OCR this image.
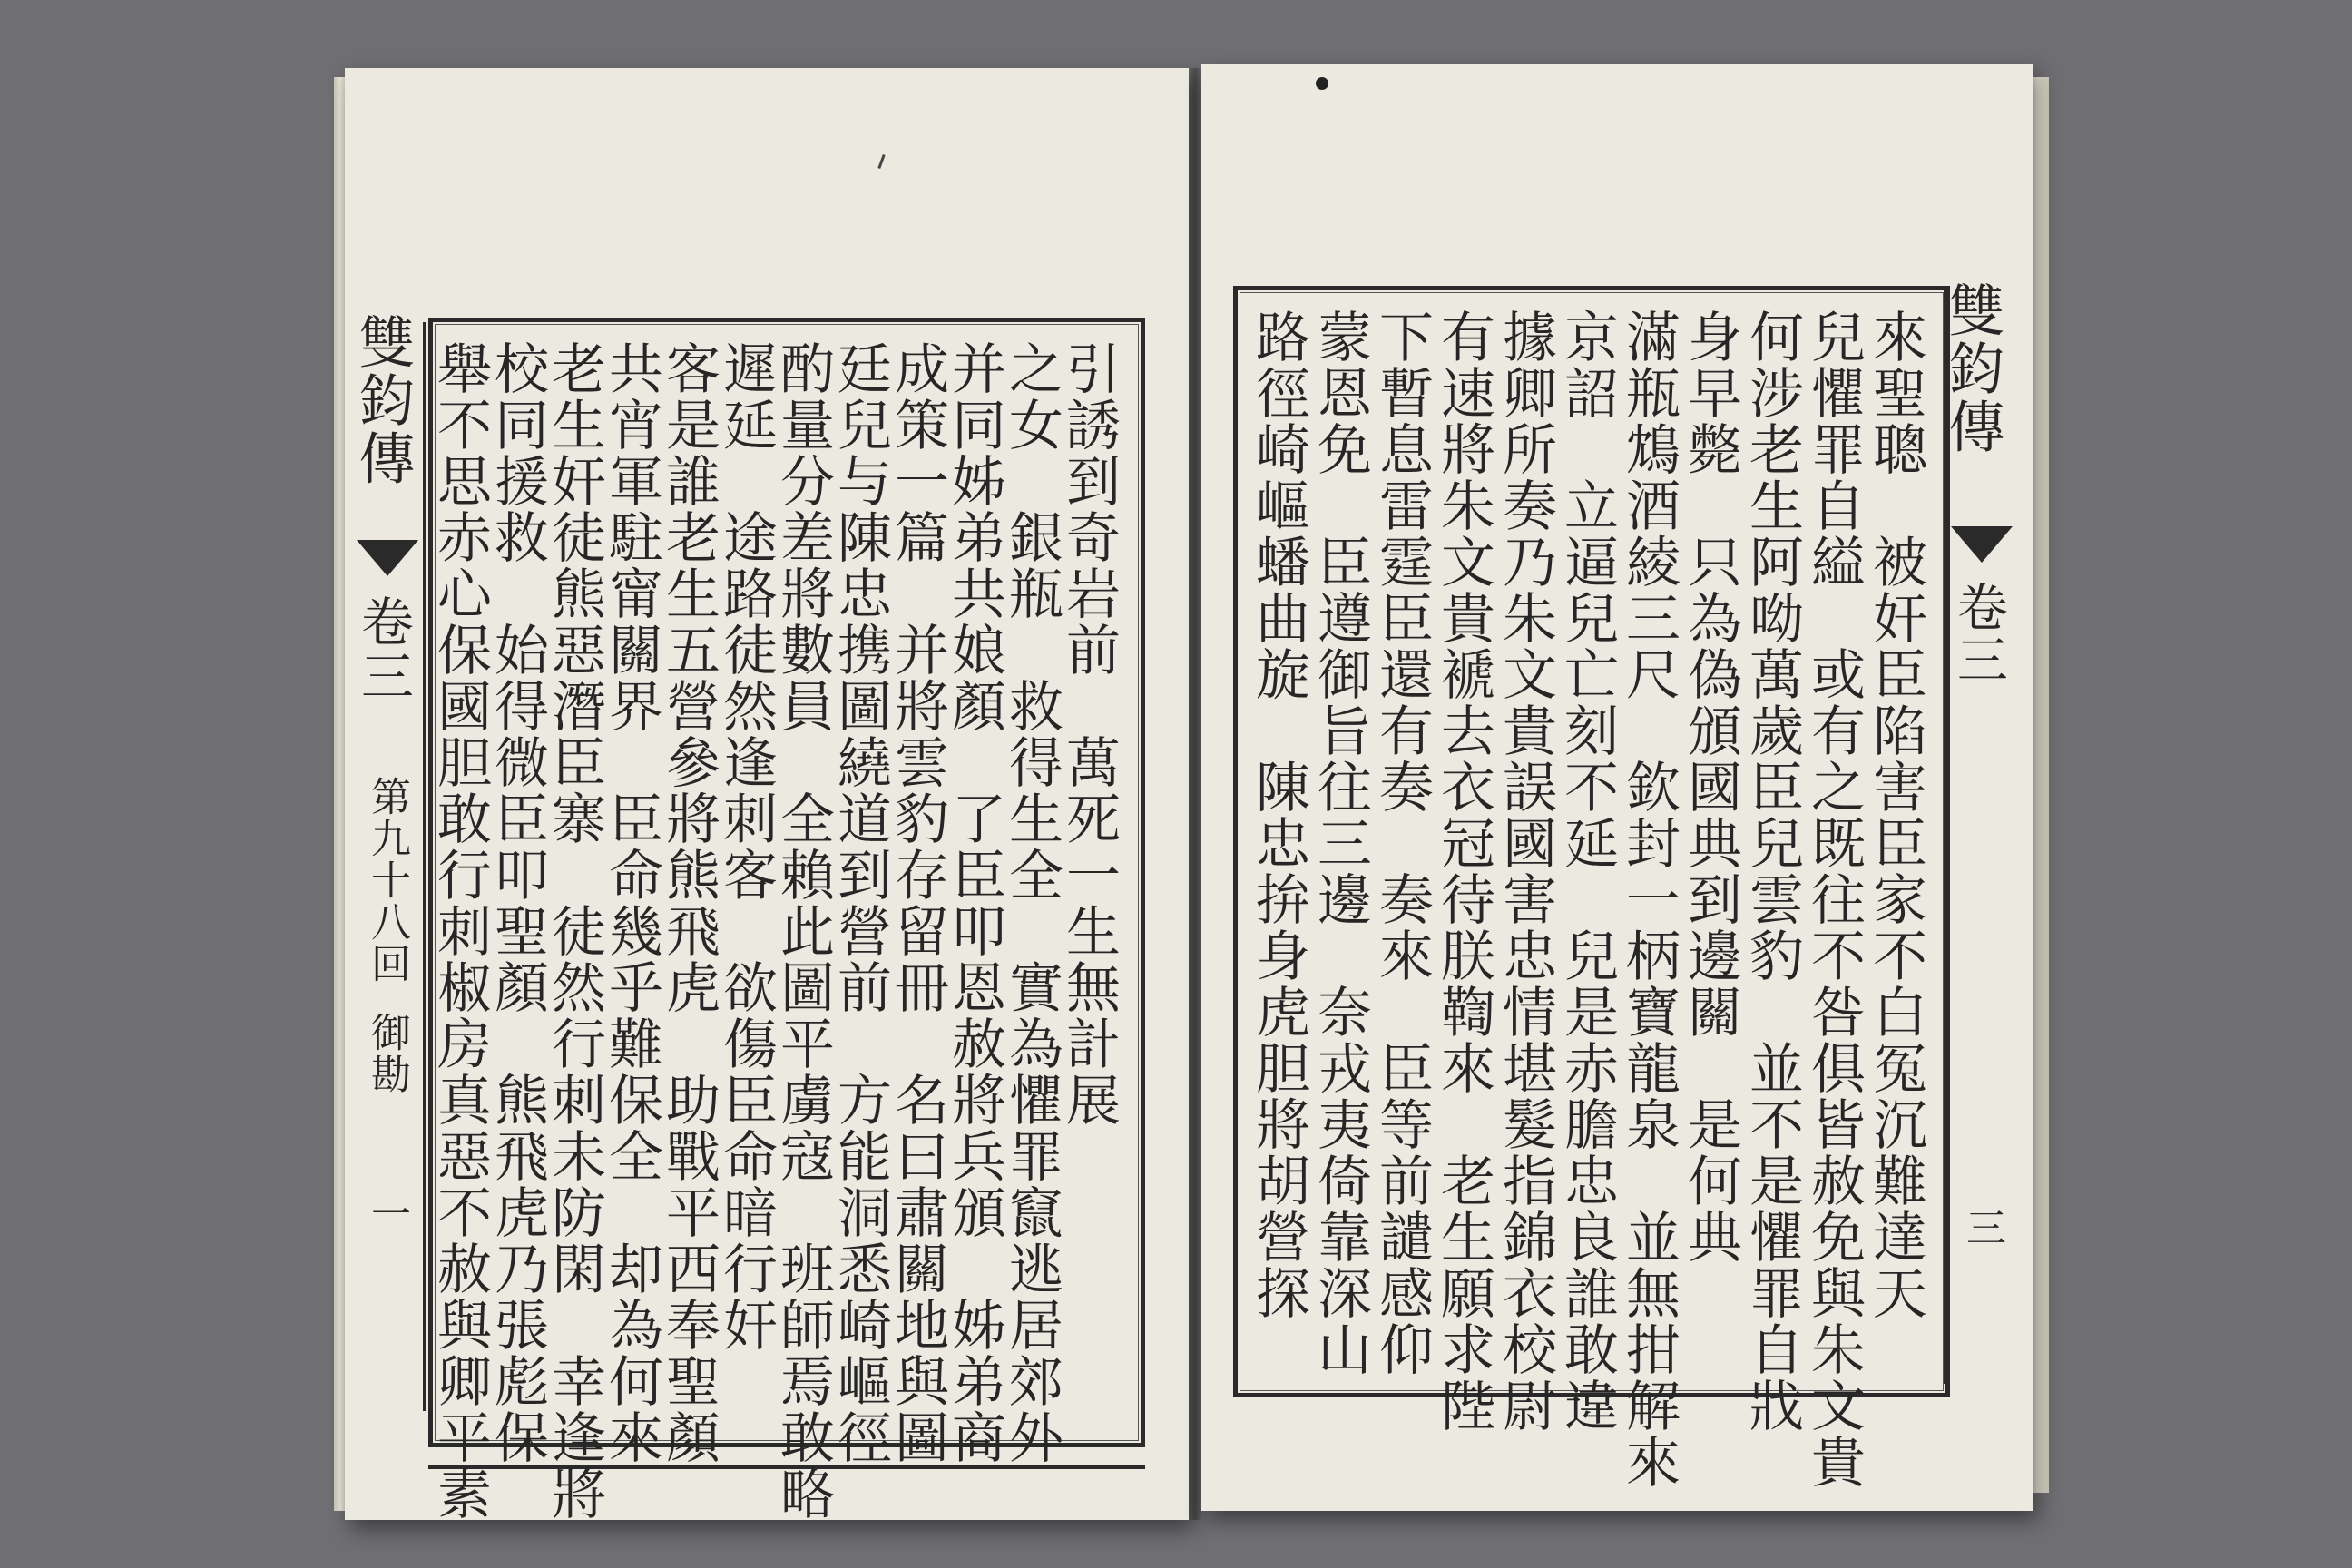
雙鈞傳
卷三
第九十八回
御勘
一
引誘到奇岩前　萬死一生無計展
之女　銀瓶　救得生全　實為懼罪竄逃居郊外
并同姊弟共娘顏　了臣叩恩赦將兵頒　姊弟商
成策一篇　并將雲豹存留冊　名曰肅關地與圖
廷兒与陳忠携圖繞道到營前　方能洞悉崎嶇徑
酌量分差將數員　全賴此圖平虜寇　班師焉敢略
遲延　途路徒然逢刺客　欲傷臣命暗行奸
客是誰老生五營參將熊飛虎　助戰平西奉聖顏
共宵軍駐甯關界　臣命幾乎難保全　却為何來
老生奸徒熊惡潛臣寨　徒然行刺未防閑　幸逢將
校同援救　始得微臣叩聖顏　熊飛虎乃張彪保
舉不思赤心保國胆敢行刺椒房真惡不赦與卿平素	雙鈞傳
卷三
三
來聖聰　被奸臣陷害臣家不白冤沉難達天
兒懼罪自縊　或有之既往不咎俱皆赦免與朱文貴
何涉老生阿呦萬歲臣兒雲豹　並不是懼罪自戕
身早斃　只為偽頒國典到邊關　是何典
滿瓶鴆酒綾三尺　欽封一柄寶龍泉　並無拑解來
京詔　立逼兒亡刻不延　兒是赤膽忠良誰敢違
據卿所奏乃朱文貴誤國害忠情堪髮指錦衣校尉
有速將朱文貴褫去衣冠待朕鞫來　老生願求陛
下暫息雷霆臣還有奏　奏來　臣等前譴感仰
蒙恩免　臣遵御旨往三邊　奈戎夷倚靠深山
路徑崎嶇蟠曲旋　陳忠拚身虎胆將胡營探
